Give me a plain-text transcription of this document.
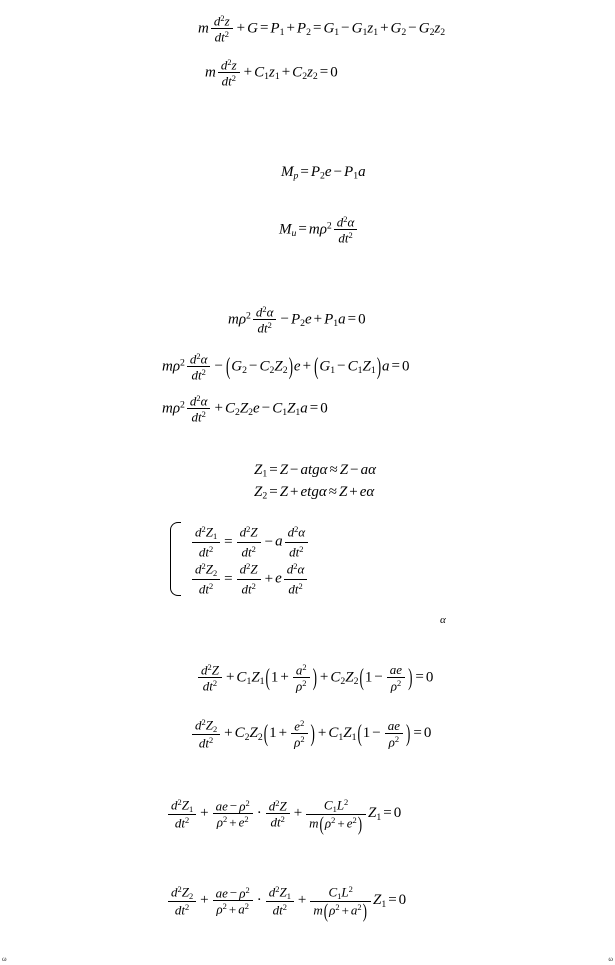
m $\frac{d^2z}{dt^2} + G = P_1 + P_2 = G_1 - G_1z_1 + G_2 - G_2z_2$
m $\frac{d^2z}{dt^2} + C_1z_1 + C_2z_2 = 0$
$M_p = P_2e - P_1a$
$M_u = m\rho^2 \frac{d^2\alpha}{dt^2}$
$m\rho^2 \frac{d^2\alpha}{dt^2} - P_2e + P_1a = 0$
$m\rho^2 \frac{d^2\alpha}{dt^2} - (G_2 - C_2Z_2)e + (G_1 - C_1Z_1)a = 0$
$m\rho^2 \frac{d^2\alpha}{dt^2} + C_2Z_2e - C_1Z_1a = 0$
$Z_1 = Z - atg\alpha \approx Z - a\alpha$
$Z_2 = Z + etg\alpha \approx Z + e\alpha$
$\frac{d^2Z_1}{dt^2} = \frac{d^2Z}{dt^2} - a \frac{d^2\alpha}{dt^2}$
$\frac{d^2Z_2}{dt^2} = \frac{d^2Z}{dt^2} + e \frac{d^2\alpha}{dt^2}$
α
$\frac{d^2Z}{dt^2} + C_1Z_1(1 + \frac{a^2}{\rho^2}$ ) + $C_2Z_2(1 - \frac{ae}{\rho^2}$ ) = 0
$\frac{d^2Z_2}{dt^2} + C_2Z_2(1 + \frac{e^2}{\rho^2}$ ) + $C_1Z_1(1 - \frac{ae}{\rho^2}$ ) = 0
$\frac{d^2Z_1}{dt^2} + \frac{ae - \rho^2}{\rho^2 + e^2} \cdot \frac{d^2Z}{dt^2} + \frac{C_1L^2}{m(\rho^2 + e^2)} Z_1 = 0$
$\frac{d^2Z_2}{dt^2} + \frac{ae - \rho^2}{\rho^2 + a^2} \cdot \frac{d^2Z_1}{dt^2} + \frac{C_1L^2}{m(\rho^2 + a^2)} Z_1 = 0$
ω	ω
